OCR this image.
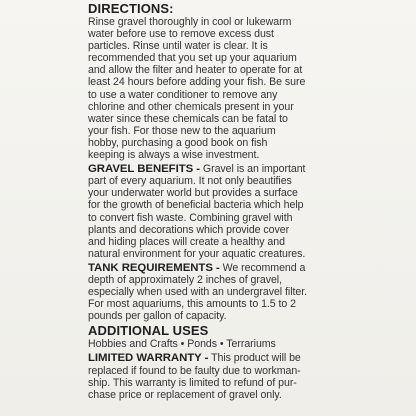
DIRECTIONS:
Rinse gravel thoroughly in cool or lukewarm
water before use to remove excess dust
particles. Rinse until water is clear. It is
recommended that you set up your aquarium
and allow the filter and heater to operate for at
least 24 hours before adding your fish. Be sure
to use a water conditioner to remove any
chlorine and other chemicals present in your
water since these chemicals can be fatal to
your fish. For those new to the aquarium
hobby, purchasing a good book on fish
keeping is always a wise investment.
GRAVEL BENEFITS - Gravel is an important
part of every aquarium. It not only beautifies
your underwater world but provides a surface
for the growth of beneficial bacteria which help
to convert fish waste. Combining gravel with
plants and decorations which provide cover
and hiding places will create a healthy and
natural environment for your aquatic creatures.
TANK REQUIREMENTS - We recommend a
depth of approximately 2 inches of gravel,
especially when used with an undergravel filter.
For most aquariums, this amounts to 1.5 to 2
pounds per gallon of capacity.
ADDITIONAL USES
Hobbies and Crafts • Ponds • Terrariums
LIMITED WARRANTY - This product will be
replaced if found to be faulty due to workman-
ship. This warranty is limited to refund of pur-
chase price or replacement of gravel only.
